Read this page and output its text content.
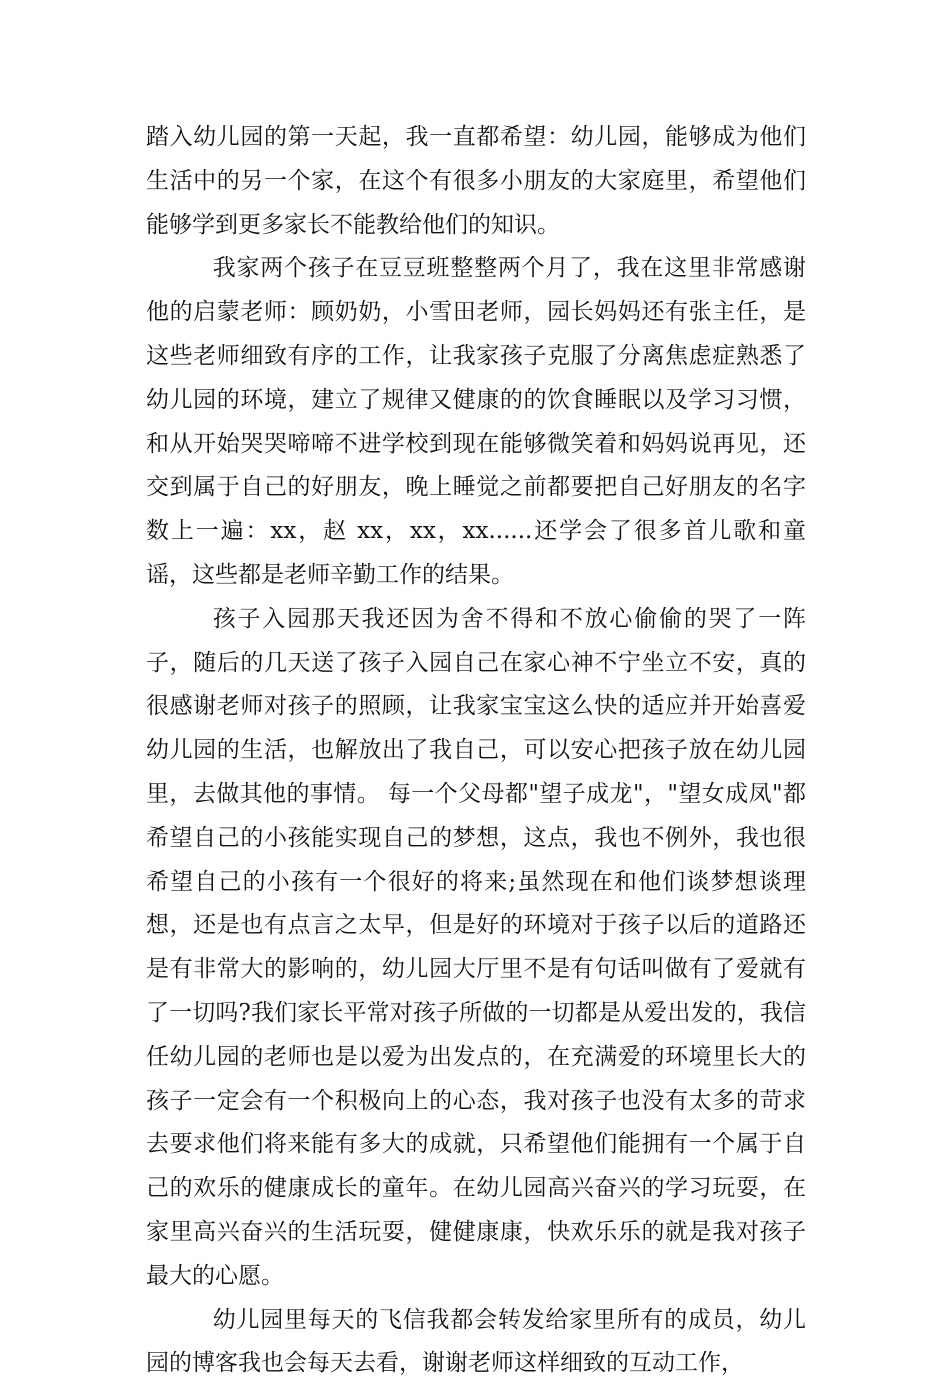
踏入幼儿园的第一天起，我一直都希望：幼儿园，能够成为他们生活中的另一个家，在这个有很多小朋友的大家庭里，希望他们能够学到更多家长不能教给他们的知识。

我家两个孩子在豆豆班整整两个月了，我在这里非常感谢他的启蒙老师：顾奶奶，小雪田老师，园长妈妈还有张主任，是这些老师细致有序的工作，让我家孩子克服了分离焦虑症熟悉了幼儿园的环境，建立了规律又健康的的饮食睡眠以及学习习惯，和从开始哭哭啼啼不进学校到现在能够微笑着和妈妈说再见，还交到属于自己的好朋友，晚上睡觉之前都要把自己好朋友的名字数上一遍：xx，赵 xx，xx，xx......还学会了很多首儿歌和童谣，这些都是老师辛勤工作的结果。

孩子入园那天我还因为舍不得和不放心偷偷的哭了一阵子，随后的几天送了孩子入园自己在家心神不宁坐立不安，真的很感谢老师对孩子的照顾，让我家宝宝这么快的适应并开始喜爱幼儿园的生活，也解放出了我自己，可以安心把孩子放在幼儿园里，去做其他的事情。 每一个父母都"望子成龙"，"望女成凤"都希望自己的小孩能实现自己的梦想，这点，我也不例外，我也很希望自己的小孩有一个很好的将来;虽然现在和他们谈梦想谈理想，还是也有点言之太早，但是好的环境对于孩子以后的道路还是有非常大的影响的，幼儿园大厅里不是有句话叫做有了爱就有了一切吗?我们家长平常对孩子所做的一切都是从爱出发的，我信任幼儿园的老师也是以爱为出发点的，在充满爱的环境里长大的孩子一定会有一个积极向上的心态，我对孩子也没有太多的苛求去要求他们将来能有多大的成就，只希望他们能拥有一个属于自己的欢乐的健康成长的童年。在幼儿园高兴奋兴的学习玩耍，在家里高兴奋兴的生活玩耍，健健康康，快欢乐乐的就是我对孩子最大的心愿。

幼儿园里每天的飞信我都会转发给家里所有的成员，幼儿园的博客我也会每天去看，谢谢老师这样细致的互动工作，
